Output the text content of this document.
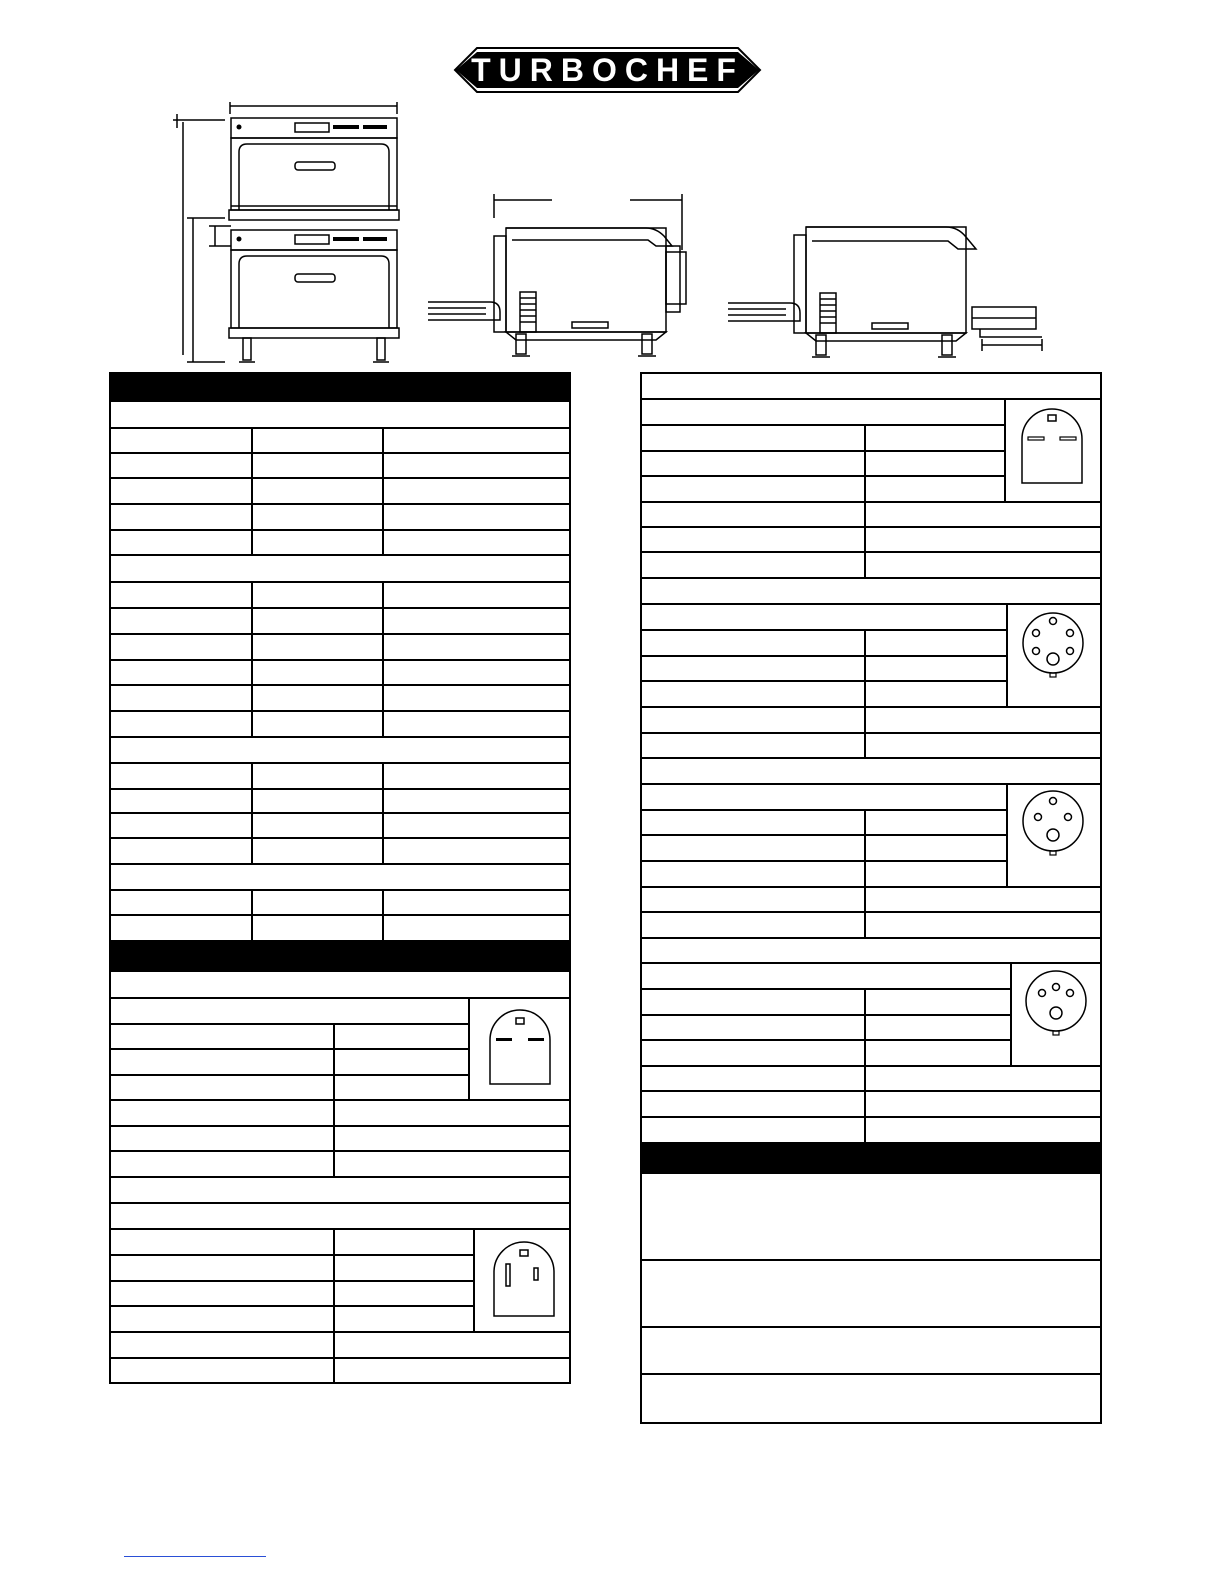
TURBOCHEF
